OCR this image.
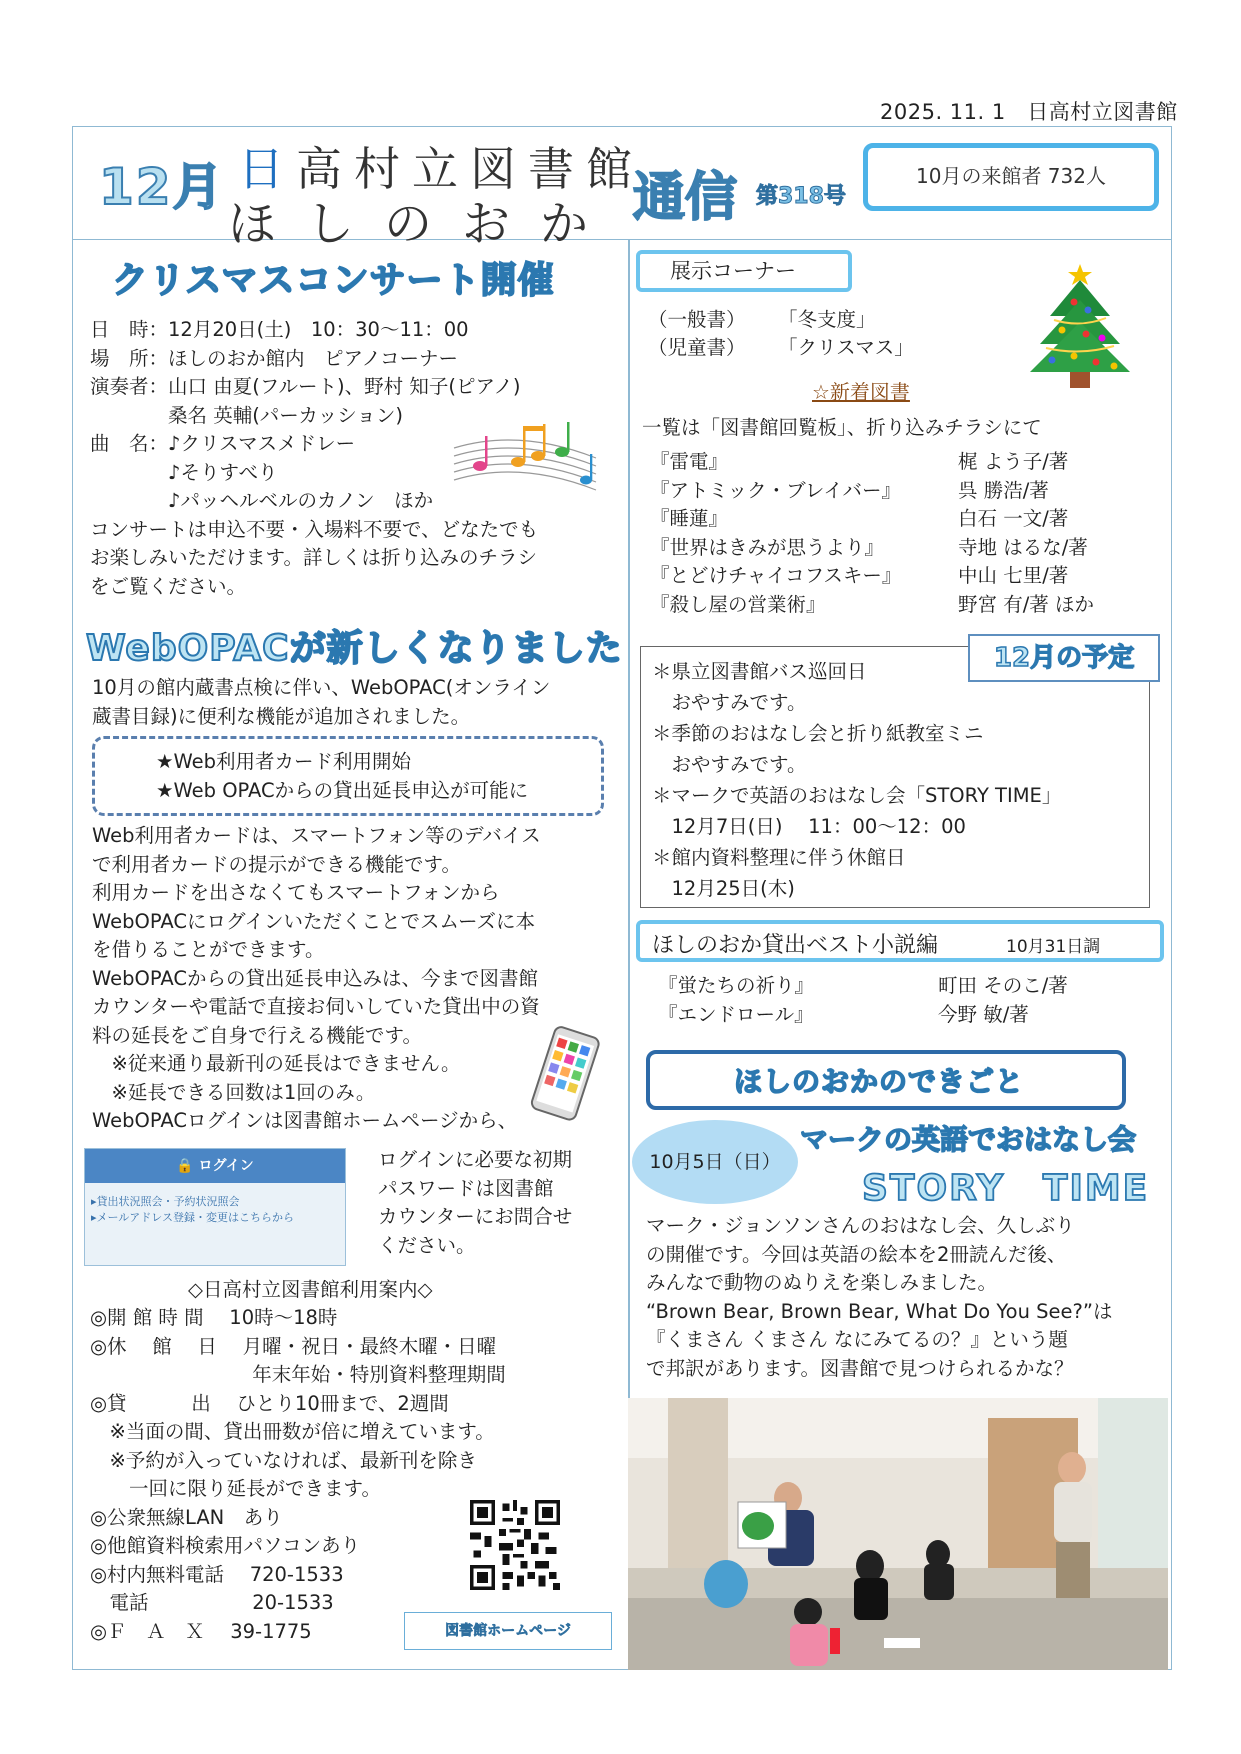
2025. 11. 1　日高村立図書館
12月 日高村立図書館
ほしのおか 通信 第318号
10月の来館者 732人
クリスマスコンサート開催
日　時：12月20日(土)　10：30～11：00
場　所：ほしのおか館内　ピアノコーナー
演奏者：山口 由夏(フルート)、野村 知子(ピアノ)
　　　　桑名 英輔(パーカッション)
曲　名：♪クリスマスメドレー
　　　　♪そりすべり
　　　　♪パッヘルベルのカノン　ほか
コンサートは申込不要・入場料不要で、どなたでも
お楽しみいただけます。詳しくは折り込みのチラシ
をご覧ください。
WebOPACが新しくなりました
10月の館内蔵書点検に伴い、WebOPAC(オンライン
蔵書目録)に便利な機能が追加されました。
★Web利用者カード利用開始
★Web OPACからの貸出延長申込が可能に
Web利用者カードは、スマートフォン等のデバイス
で利用者カードの提示ができる機能です。
利用カードを出さなくてもスマートフォンから
WebOPACにログインいただくことでスムーズに本
を借りることができます。
WebOPACからの貸出延長申込みは、今まで図書館
カウンターや電話で直接お伺いしていた貸出中の資
料の延長をご自身で行える機能です。
　※従来通り最新刊の延長はできません。
　※延長できる回数は1回のみ。
WebOPACログインは図書館ホームページから、
🔒 ログイン
▸貸出状況照会・予約状況照会
▸メールアドレス登録・変更はこちらから
ログインに必要な初期
パスワードは図書館
カウンターにお問合せ
ください。
◇日高村立図書館利用案内◇
◎開 館 時 間　 10時～18時
◎休　 館　 日　 月曜・祝日・最終木曜・日曜
　　　　　　　　 年末年始・特別資料整理期間
◎貸　　　 出　 ひとり10冊まで、2週間
　※当面の間、貸出冊数が倍に増えています。
　※予約が入っていなければ、最新刊を除き
　　一回に限り延長ができます。
◎公衆無線LAN　あり
◎他館資料検索用パソコンあり
◎村内無料電話　 720-1533
　電話　　　　　 20-1533
◎Ｆ　Ａ　Ｘ　 39-1775	図書館ホームページ
展示コーナー
（一般書） 「冬支度」
（児童書） 「クリスマス」
☆新着図書
一覧は「図書館回覧板」、折り込みチラシにて
『雷電』
『アトミック・ブレイバー』
『睡蓮』
『世界はきみが思うより』
『とどけチャイコフスキー』
『殺し屋の営業術』
梶 よう子/著
呉 勝浩/著
白石 一文/著
寺地 はるな/著
中山 七里/著
野宮 有/著 ほか
12月の予定
＊県立図書館バス巡回日
　おやすみです。
＊季節のおはなし会と折り紙教室ミニ
　おやすみです。
＊マークで英語のおはなし会「STORY TIME」
　12月7日(日)　 11：00～12：00
＊館内資料整理に伴う休館日
　12月25日(木)
ほしのおか貸出ベスト小説編	10月31日調
『蛍たちの祈り』
『エンドロール』
町田 そのこ/著
今野 敏/著
ほしのおかのできごと
10月5日（日）
マークの英語でおはなし会
STORY　TIME
マーク・ジョンソンさんのおはなし会、久しぶり
の開催です。今回は英語の絵本を2冊読んだ後、
みんなで動物のぬりえを楽しみました。
“Brown Bear, Brown Bear, What Do You See?”は
『くまさん くまさん なにみてるの？』という題
で邦訳があります。図書館で見つけられるかな？
